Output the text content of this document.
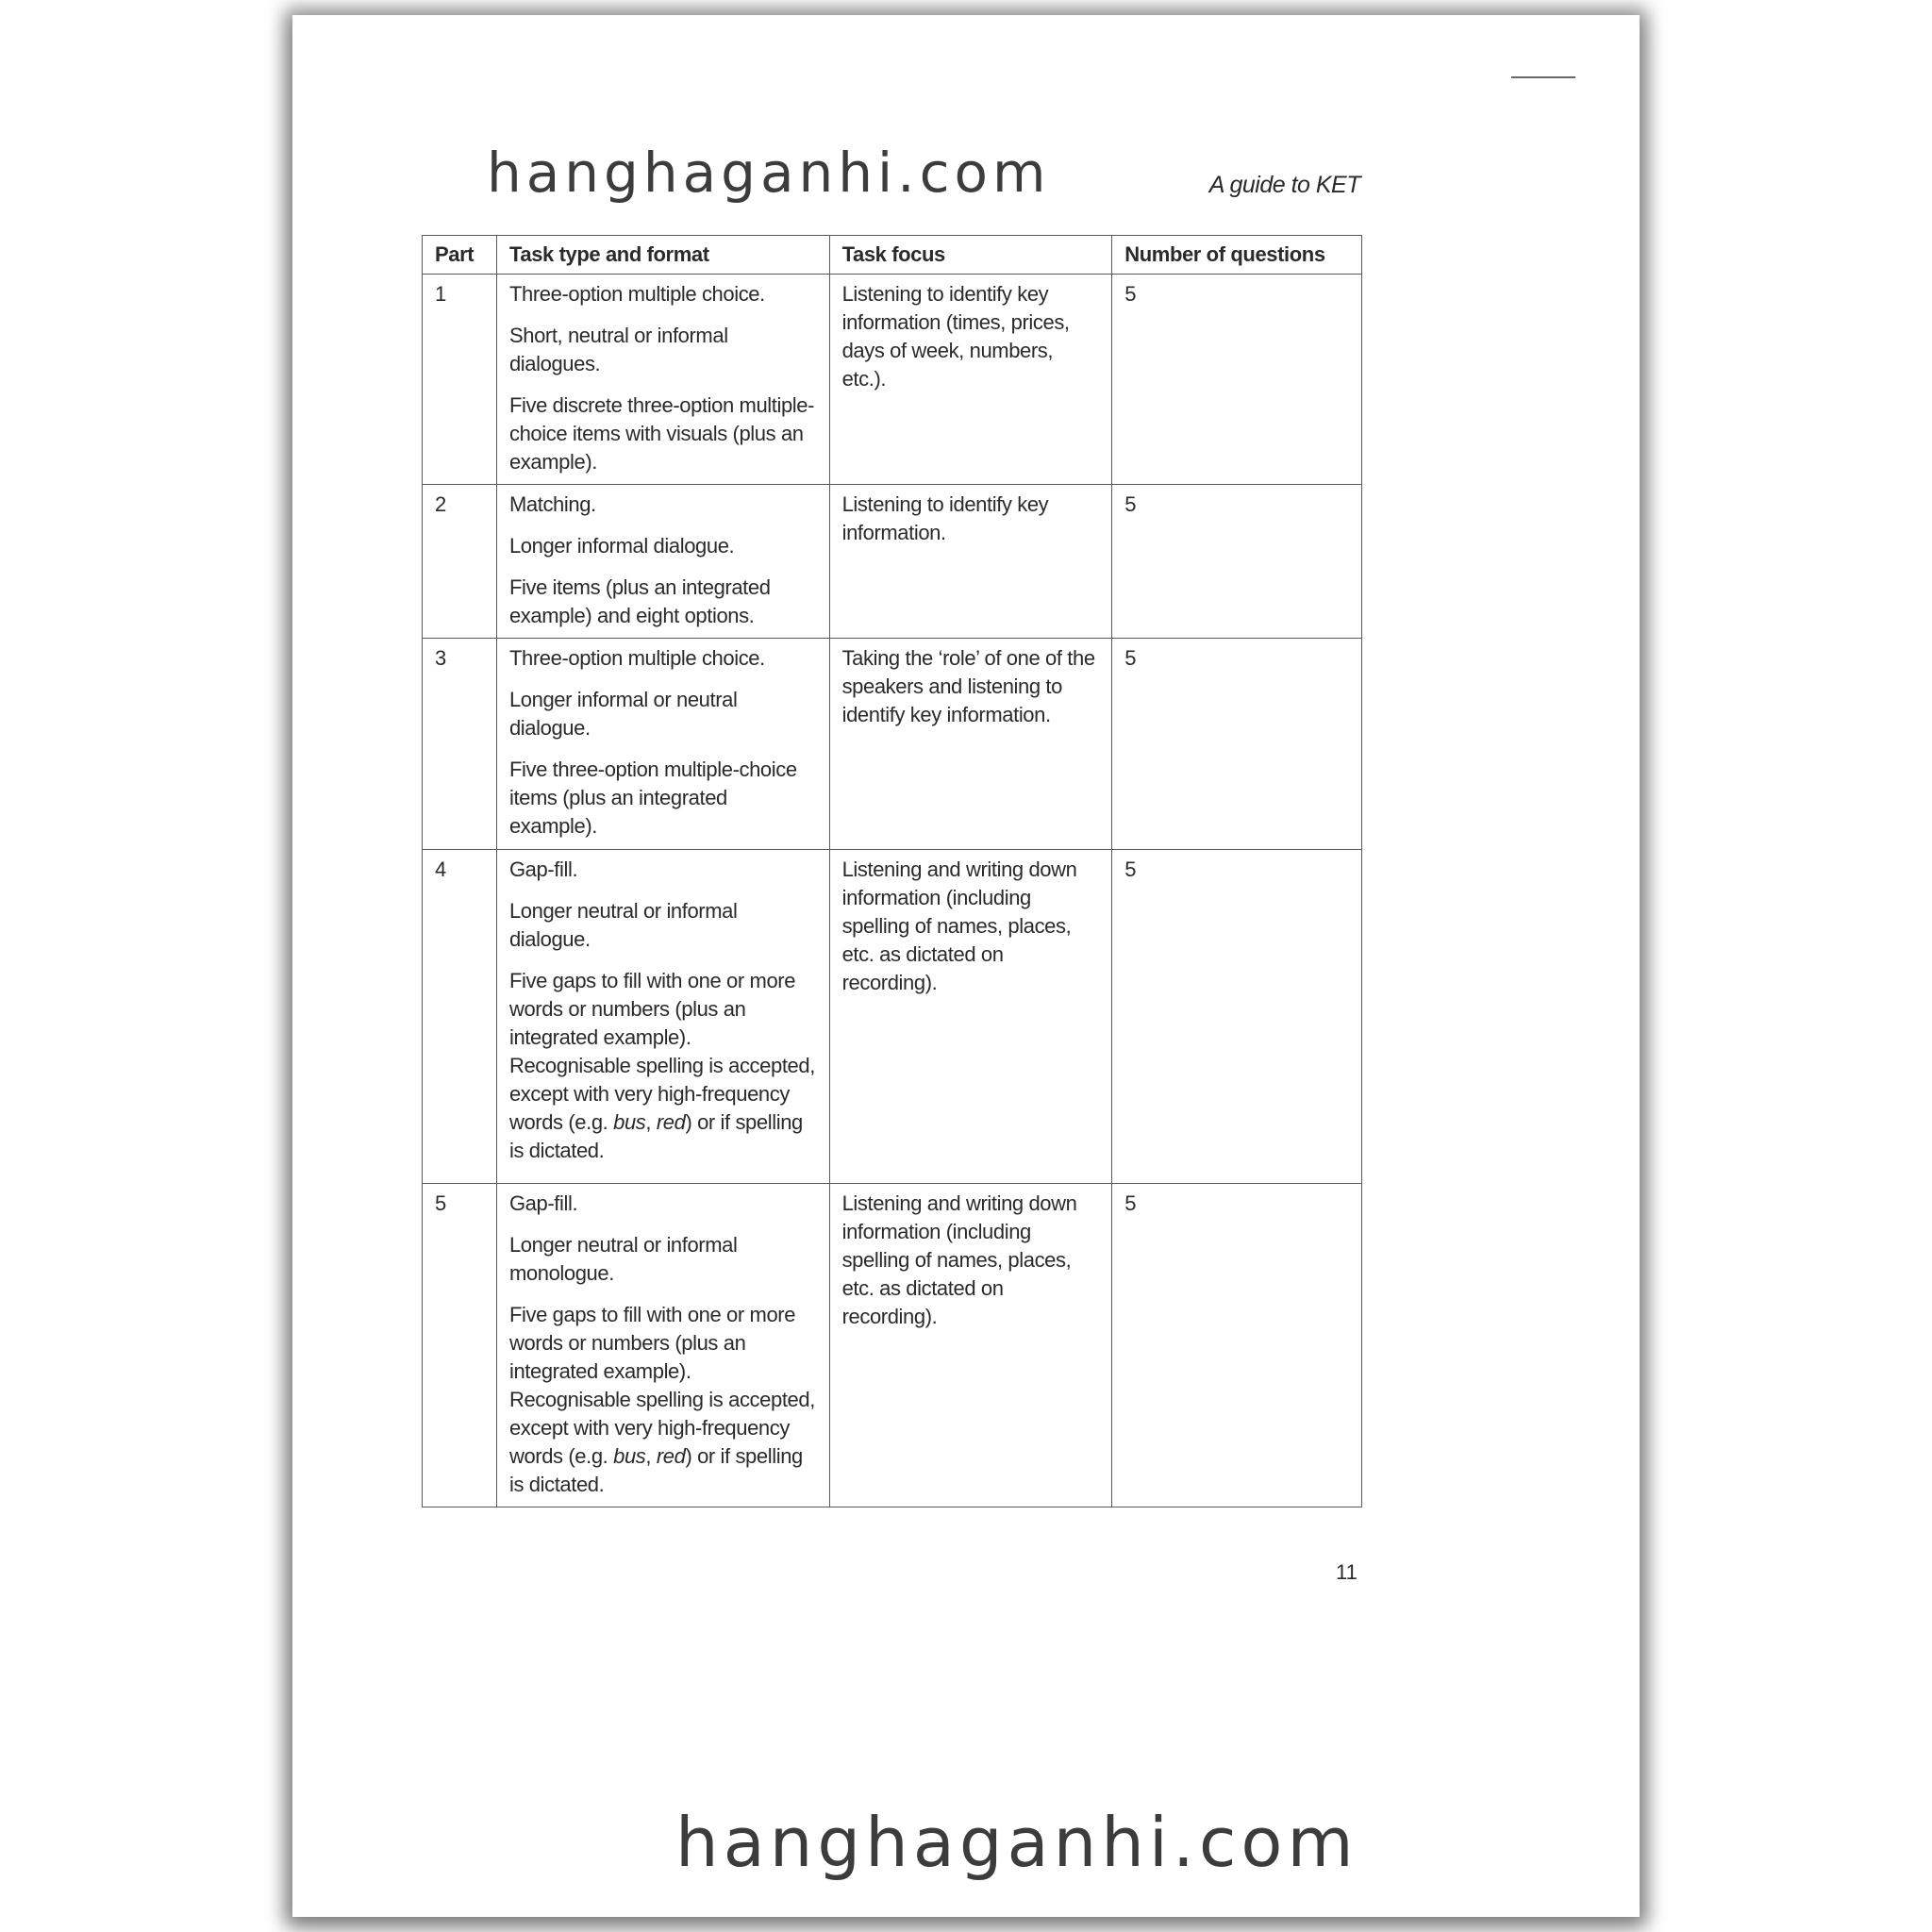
hanghaganhi.com	A guide to KET
Part	Task type and format	Task focus	Number of questions
1	Three-option multiple choice.

Short, neutral or informal dialogues.

Five discrete three-option multiple-choice items with visuals (plus an example).	Listening to identify key information (times, prices, days of week, numbers, etc.).	5
2	Matching.

Longer informal dialogue.

Five items (plus an integrated example) and eight options.	Listening to identify key information.	5
3	Three-option multiple choice.

Longer informal or neutral dialogue.

Five three-option multiple-choice items (plus an integrated example).	Taking the ‘role’ of one of the speakers and listening to identify key information.	5
4	Gap-fill.

Longer neutral or informal dialogue.

Five gaps to fill with one or more words or numbers (plus an integrated example).

Recognisable spelling is accepted, except with very high-frequency words (e.g. bus, red) or if spelling is dictated.	Listening and writing down information (including spelling of names, places, etc. as dictated on recording).	5
5	Gap-fill.

Longer neutral or informal monologue.

Five gaps to fill with one or more words or numbers (plus an integrated example).

Recognisable spelling is accepted, except with very high-frequency words (e.g. bus, red) or if spelling is dictated.	Listening and writing down information (including spelling of names, places, etc. as dictated on recording).	5
11
hanghaganhi.com
